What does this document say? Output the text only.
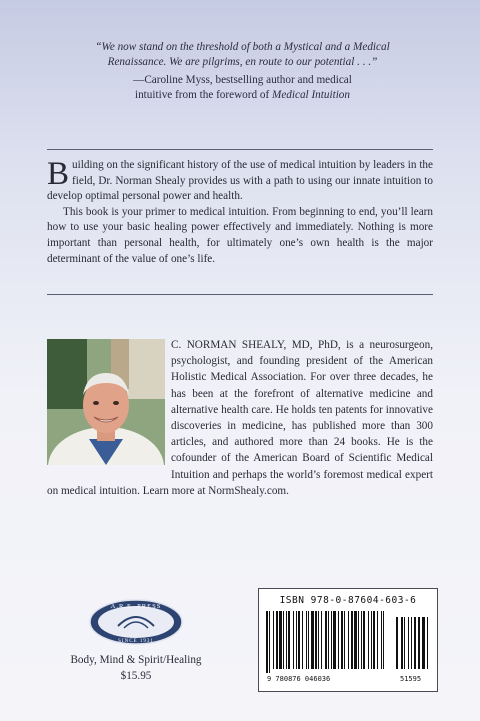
“We now stand on the threshold of both a Mystical and a Medical Renaissance. We are pilgrims, en route to our potential . . .”

—Caroline Myss, bestselling author and medical
intuitive from the foreword of Medical Intuition

Building on the significant history of the use of medical intuition by leaders in the field, Dr. Norman Shealy provides us with a path to using our innate intuition to develop optimal personal power and health.

This book is your primer to medical intuition. From beginning to end, you’ll learn how to use your basic healing power effectively and immediately. Nothing is more important than personal health, for ultimately one’s own health is the major determinant of the value of one’s life.

C. NORMAN SHEALY, MD, PhD, is a neurosurgeon, psychologist, and founding president of the American Holistic Medical Association. For over three decades, he has been at the forefront of alternative medicine and alternative health care. He holds ten patents for innovative discoveries in medicine, has published more than 300 articles, and authored more than 24 books. He is the cofounder of the American Board of Scientific Medical Intuition and perhaps the world’s foremost medical expert on medical intuition. Learn more at NormShealy.com.

A.R.E. PRESS
SINCE 1931
Body, Mind & Spirit/Healing
$15.95
ISBN 978-0-87604-603-6
9 780876 046036	51595
